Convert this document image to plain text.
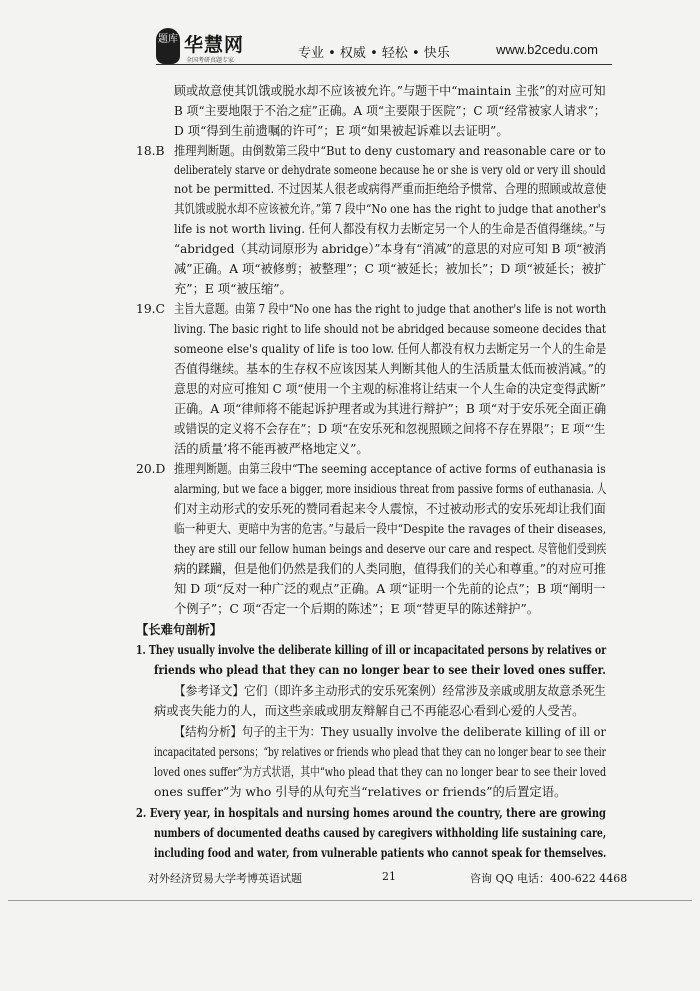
题库 华慧网
全国考研真题专家	专业 • 权威 • 轻松 • 快乐	www.b2cedu.com
顾或故意使其饥饿或脱水却不应该被允许。”与题干中“maintain 主张”的对应可知
B 项“主要地限于不治之症”正确。A 项“主要限于医院”；C 项“经常被家人请求”；
D 项“得到生前遗嘱的许可”；E 项“如果被起诉难以去证明”。
18.B 推理判断题。由倒数第三段中“But to deny customary and reasonable care or to
deliberately starve or dehydrate someone because he or she is very old or very ill should
not be permitted. 不过因某人很老或病得严重而拒绝给予惯常、合理的照顾或故意使
其饥饿或脱水却不应该被允许。”第 7 段中“No one has the right to judge that another's
life is not worth living. 任何人都没有权力去断定另一个人的生命是否值得继续。”与
“abridged（其动词原形为 abridge）”本身有“消减”的意思的对应可知 B 项“被消
减”正确。A 项“被修剪；被整理”；C 项“被延长；被加长”；D 项“被延长；被扩
充”；E 项“被压缩”。
19.C 主旨大意题。由第 7 段中“No one has the right to judge that another's life is not worth
living. The basic right to life should not be abridged because someone decides that
someone else's quality of life is too low. 任何人都没有权力去断定另一个人的生命是
否值得继续。基本的生存权不应该因某人判断其他人的生活质量太低而被消减。”的
意思的对应可推知 C 项“使用一个主观的标准将让结束一个人生命的决定变得武断”
正确。A 项“律师将不能起诉护理者或为其进行辩护”；B 项“对于安乐死全面正确
或错误的定义将不会存在”；D 项“在安乐死和忽视照顾之间将不存在界限”；E 项“‘生
活的质量’将不能再被严格地定义”。
20.D 推理判断题。由第三段中“The seeming acceptance of active forms of euthanasia is
alarming, but we face a bigger, more insidious threat from passive forms of euthanasia. 人
们对主动形式的安乐死的赞同看起来令人震惊，不过被动形式的安乐死却让我们面
临一种更大、更暗中为害的危害。”与最后一段中“Despite the ravages of their diseases,
they are still our fellow human beings and deserve our care and respect. 尽管他们受到疾
病的蹂躏，但是他们仍然是我们的人类同胞，值得我们的关心和尊重。”的对应可推
知 D 项“反对一种广泛的观点”正确。A 项“证明一个先前的论点”；B 项“阐明一
个例子”；C 项“否定一个后期的陈述”；E 项“替更早的陈述辩护”。
【长难句剖析】
1. They usually involve the deliberate killing of ill or incapacitated persons by relatives or
friends who plead that they can no longer bear to see their loved ones suffer.
【参考译文】它们（即许多主动形式的安乐死案例）经常涉及亲戚或朋友故意杀死生
病或丧失能力的人，而这些亲戚或朋友辩解自己不再能忍心看到心爱的人受苦。
【结构分析】句子的主干为：They usually involve the deliberate killing of ill or
incapacitated persons；“by relatives or friends who plead that they can no longer bear to see their
loved ones suffer”为方式状语，其中“who plead that they can no longer bear to see their loved
ones suffer”为 who 引导的从句充当“relatives or friends”的后置定语。
2. Every year, in hospitals and nursing homes around the country, there are growing
numbers of documented deaths caused by caregivers withholding life sustaining care,
including food and water, from vulnerable patients who cannot speak for themselves.
对外经济贸易大学考博英语试题	21	咨询 QQ 电话：400-622 4468
